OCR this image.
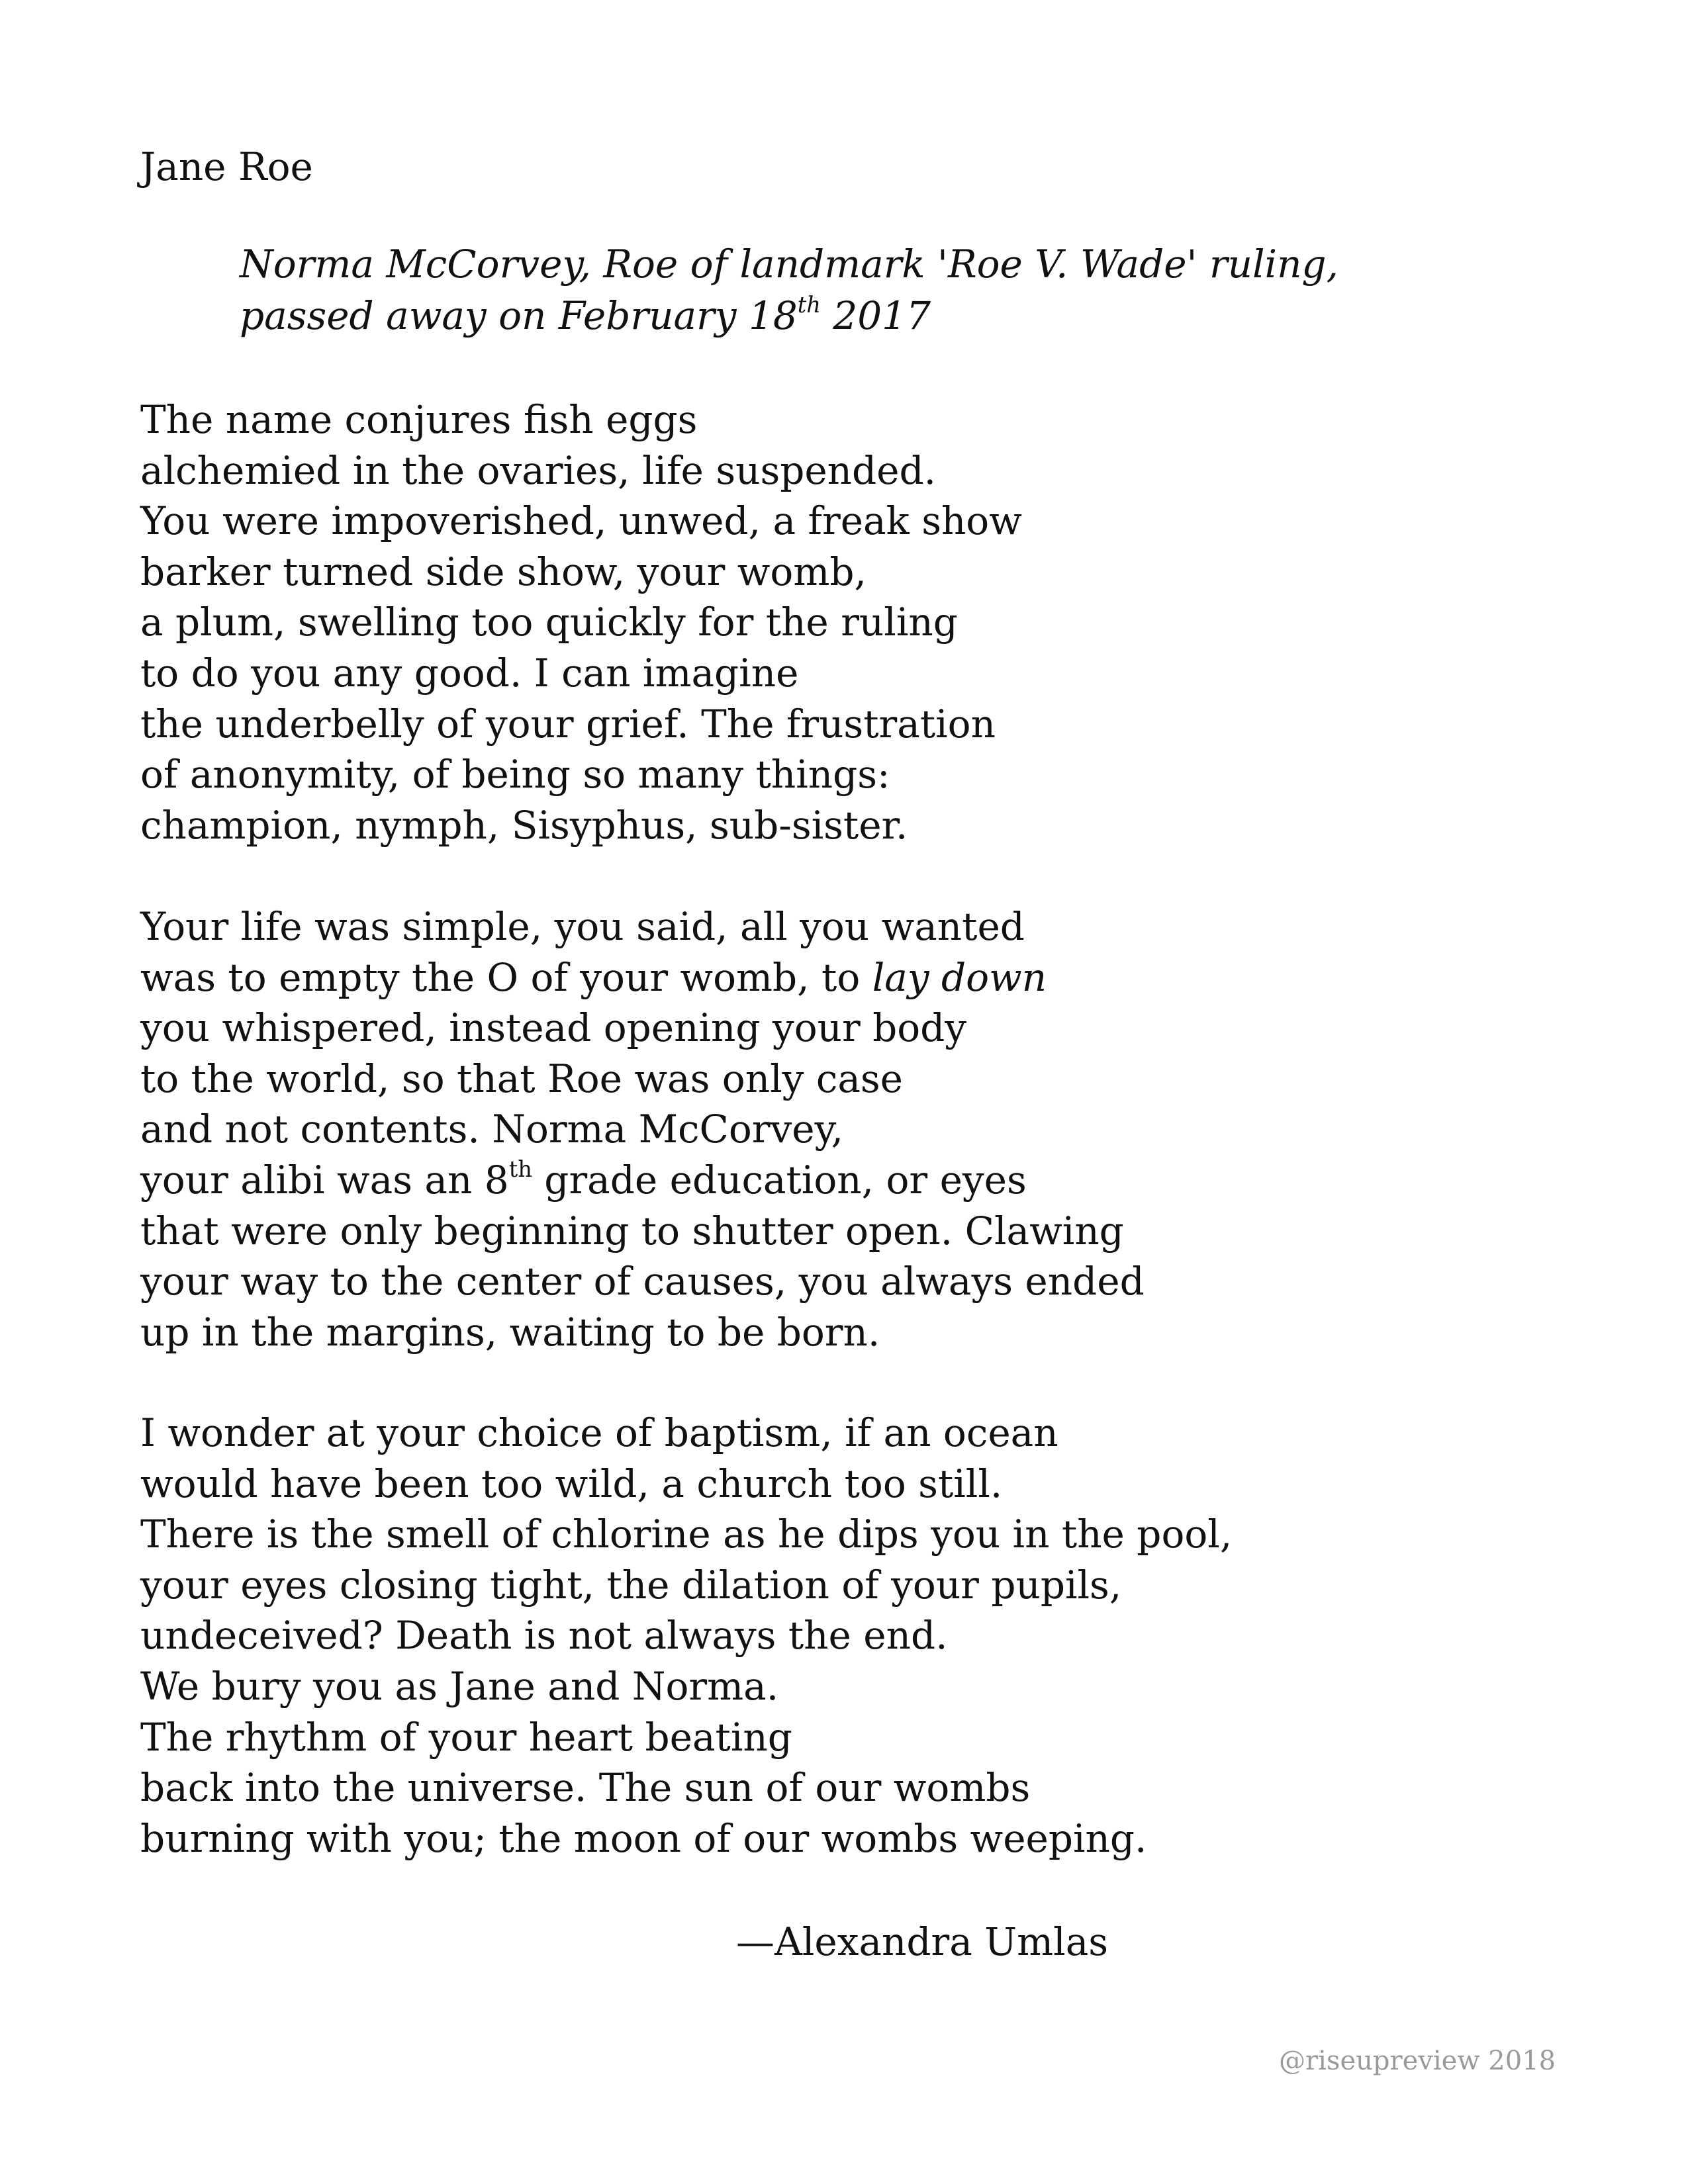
Jane Roe
Norma McCorvey, Roe of landmark 'Roe V. Wade' ruling,
passed away on February 18th 2017
The name conjures fish eggs
alchemied in the ovaries, life suspended.
You were impoverished, unwed, a freak show
barker turned side show, your womb,
a plum, swelling too quickly for the ruling
to do you any good. I can imagine
the underbelly of your grief. The frustration
of anonymity, of being so many things:
champion, nymph, Sisyphus, sub-sister.
Your life was simple, you said, all you wanted
was to empty the O of your womb, to lay down
you whispered, instead opening your body
to the world, so that Roe was only case
and not contents. Norma McCorvey,
your alibi was an 8th grade education, or eyes
that were only beginning to shutter open. Clawing
your way to the center of causes, you always ended
up in the margins, waiting to be born.
I wonder at your choice of baptism, if an ocean
would have been too wild, a church too still.
There is the smell of chlorine as he dips you in the pool,
your eyes closing tight, the dilation of your pupils,
undeceived? Death is not always the end.
We bury you as Jane and Norma.
The rhythm of your heart beating
back into the universe. The sun of our wombs
burning with you; the moon of our wombs weeping.
—Alexandra Umlas
@riseupreview 2018
